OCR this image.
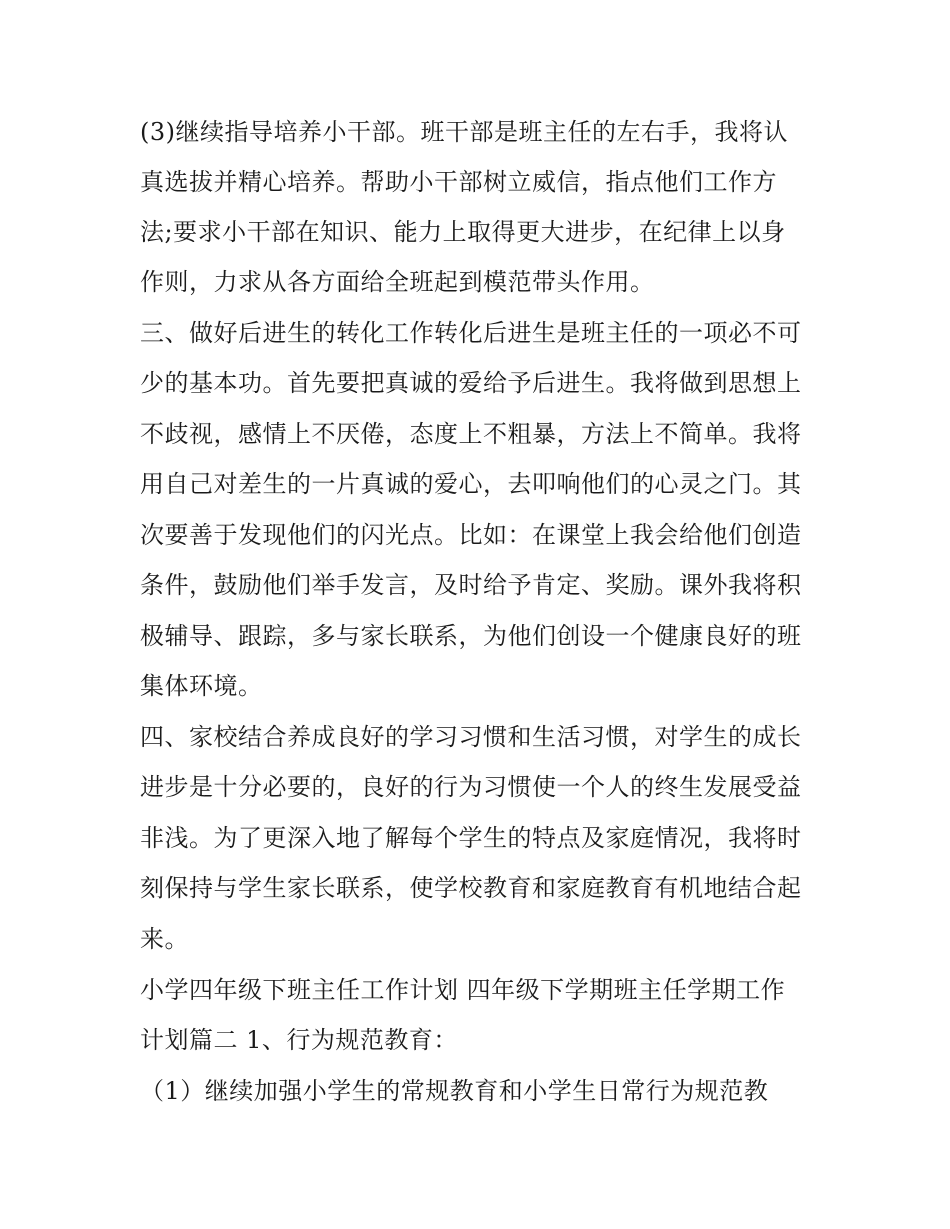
(3)继续指导培养小干部。班干部是班主任的左右手，我将认
真选拔并精心培养。帮助小干部树立威信，指点他们工作方
法;要求小干部在知识、能力上取得更大进步，在纪律上以身
作则，力求从各方面给全班起到模范带头作用。
三、做好后进生的转化工作转化后进生是班主任的一项必不可
少的基本功。首先要把真诚的爱给予后进生。我将做到思想上
不歧视，感情上不厌倦，态度上不粗暴，方法上不简单。我将
用自己对差生的一片真诚的爱心，去叩响他们的心灵之门。其
次要善于发现他们的闪光点。比如：在课堂上我会给他们创造
条件，鼓励他们举手发言，及时给予肯定、奖励。课外我将积
极辅导、跟踪，多与家长联系，为他们创设一个健康良好的班
集体环境。
四、家校结合养成良好的学习习惯和生活习惯，对学生的成长
进步是十分必要的，良好的行为习惯使一个人的终生发展受益
非浅。为了更深入地了解每个学生的特点及家庭情况，我将时
刻保持与学生家长联系，使学校教育和家庭教育有机地结合起
来。
小学四年级下班主任工作计划 四年级下学期班主任学期工作
计划篇二 1、行为规范教育：
（1）继续加强小学生的常规教育和小学生日常行为规范教
